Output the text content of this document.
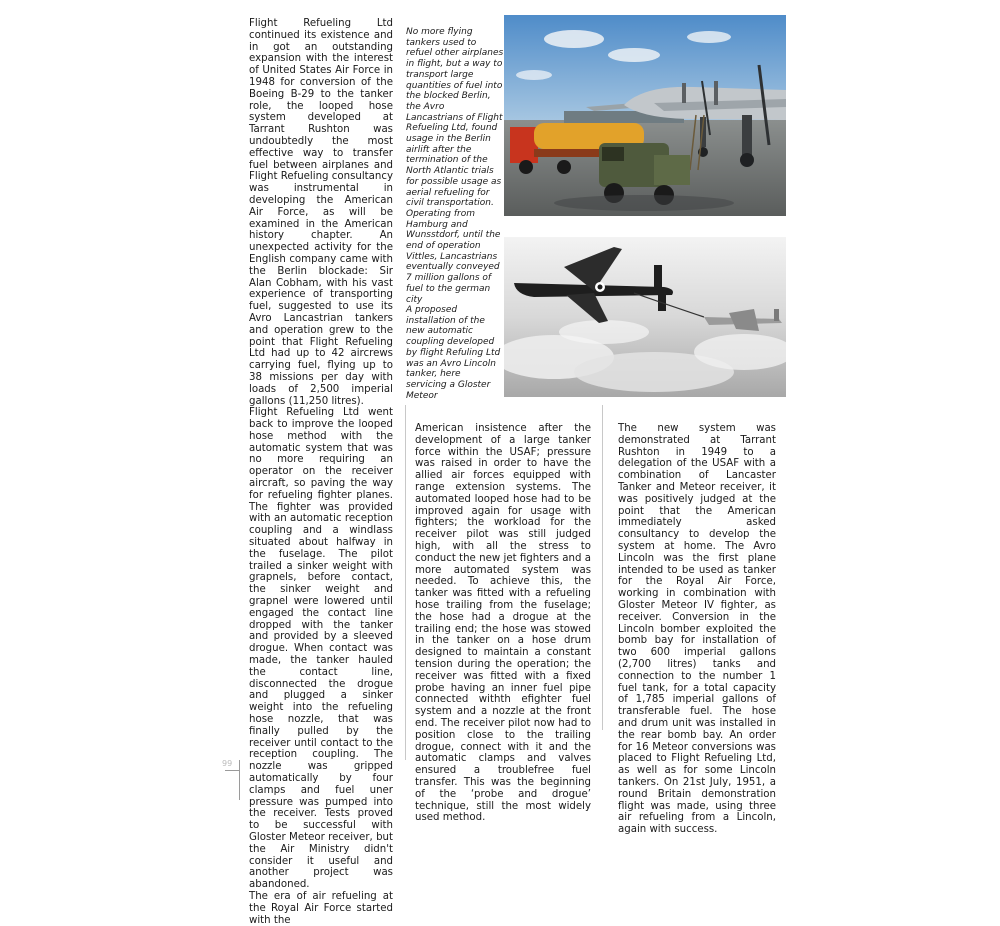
Flight Refueling Ltd continued its existence and in got an outstanding expansion with the interest of United States Air Force in 1948 for conversion of the Boeing B-29 to the tanker role, the looped hose system developed at Tarrant Rushton was undoubtedly the most effective way to transfer fuel between airplanes and Flight Refueling consultancy was instrumental in developing the American Air Force, as will be examined in the American history chapter. An unexpected activity for the English company came with the Berlin blockade: Sir Alan Cobham, with his vast experience of transporting fuel, suggested to use its Avro Lancastrian tankers and operation grew to the point that Flight Refueling Ltd had up to 42 aircrews carrying fuel, flying up to 38 missions per day with loads of 2,500 imperial gallons (11,250 litres).

Flight Refueling Ltd went back to improve the looped hose method with the automatic system that was no more requiring an operator on the receiver aircraft, so paving the way for refueling fighter planes. The fighter was provided with an automatic reception coupling and a windlass situated about halfway in the fuselage. The pilot trailed a sinker weight with grapnels, before contact, the sinker weight and grapnel were lowered until engaged the contact line dropped with the tanker and provided by a sleeved drogue. When contact was made, the tanker hauled the contact line, disconnected the drogue and plugged a sinker weight into the refueling hose nozzle, that was finally pulled by the receiver until contact to the reception coupling. The nozzle was gripped automatically by four clamps and fuel uner pressure was pumped into the receiver. Tests proved to be successful with Gloster Meteor receiver, but the Air Ministry didn't consider it useful and another project was abandoned.

The era of air refueling at the Royal Air Force started with the

No more flying tankers used to refuel other airplanes in flight, but a way to transport large quantities of fuel into the blocked Berlin, the Avro Lancastrians of Flight Refueling Ltd, found usage in the Berlin airlift after the termination of the North Atlantic trials for possible usage as aerial refueling for civil transportation. Operating from Hamburg and Wunsstdorf, until the end of operation Vittles, Lancastrians eventually conveyed 7 million gallons of fuel to the german city
A proposed installation of the new automatic coupling developed by flight Refuling Ltd was an Avro Lincoln tanker, here servicing a Gloster Meteor

American insistence after the development of a large tanker force within the USAF; pressure was raised in order to have the allied air forces equipped with range extension systems. The automated looped hose had to be improved again for usage with fighters; the workload for the receiver pilot was still judged high, with all the stress to conduct the new jet fighters and a more automated system was needed. To achieve this, the tanker was fitted with a refueling hose trailing from the fuselage; the hose had a drogue at the trailing end; the hose was stowed in the tanker on a hose drum designed to maintain a constant tension during the operation; the receiver was fitted with a fixed probe having an inner fuel pipe connected withth efighter fuel system and a nozzle at the front end. The receiver pilot now had to position close to the trailing drogue, connect with it and the automatic clamps and valves ensured a troublefree fuel transfer. This was the beginning of the ‘probe and drogue’ technique, still the most widely used method.

The new system was demonstrated at Tarrant Rushton in 1949 to a delegation of the USAF with a combination of Lancaster Tanker and Meteor receiver, it was positively judged at the point that the American immediately asked consultancy to develop the system at home. The Avro Lincoln was the first plane intended to be used as tanker for the Royal Air Force, working in combination with Gloster Meteor IV fighter, as receiver. Conversion in the Lincoln bomber exploited the bomb bay for installation of two 600 imperial gallons (2,700 litres) tanks and connection to the number 1 fuel tank, for a total capacity of 1,785 imperial gallons of transferable fuel. The hose and drum unit was installed in the rear bomb bay. An order for 16 Meteor conversions was placed to Flight Refueling Ltd, as well as for some Lincoln tankers. On 21st July, 1951, a round Britain demonstration flight was made, using three air refueling from a Lincoln, again with success.

99
